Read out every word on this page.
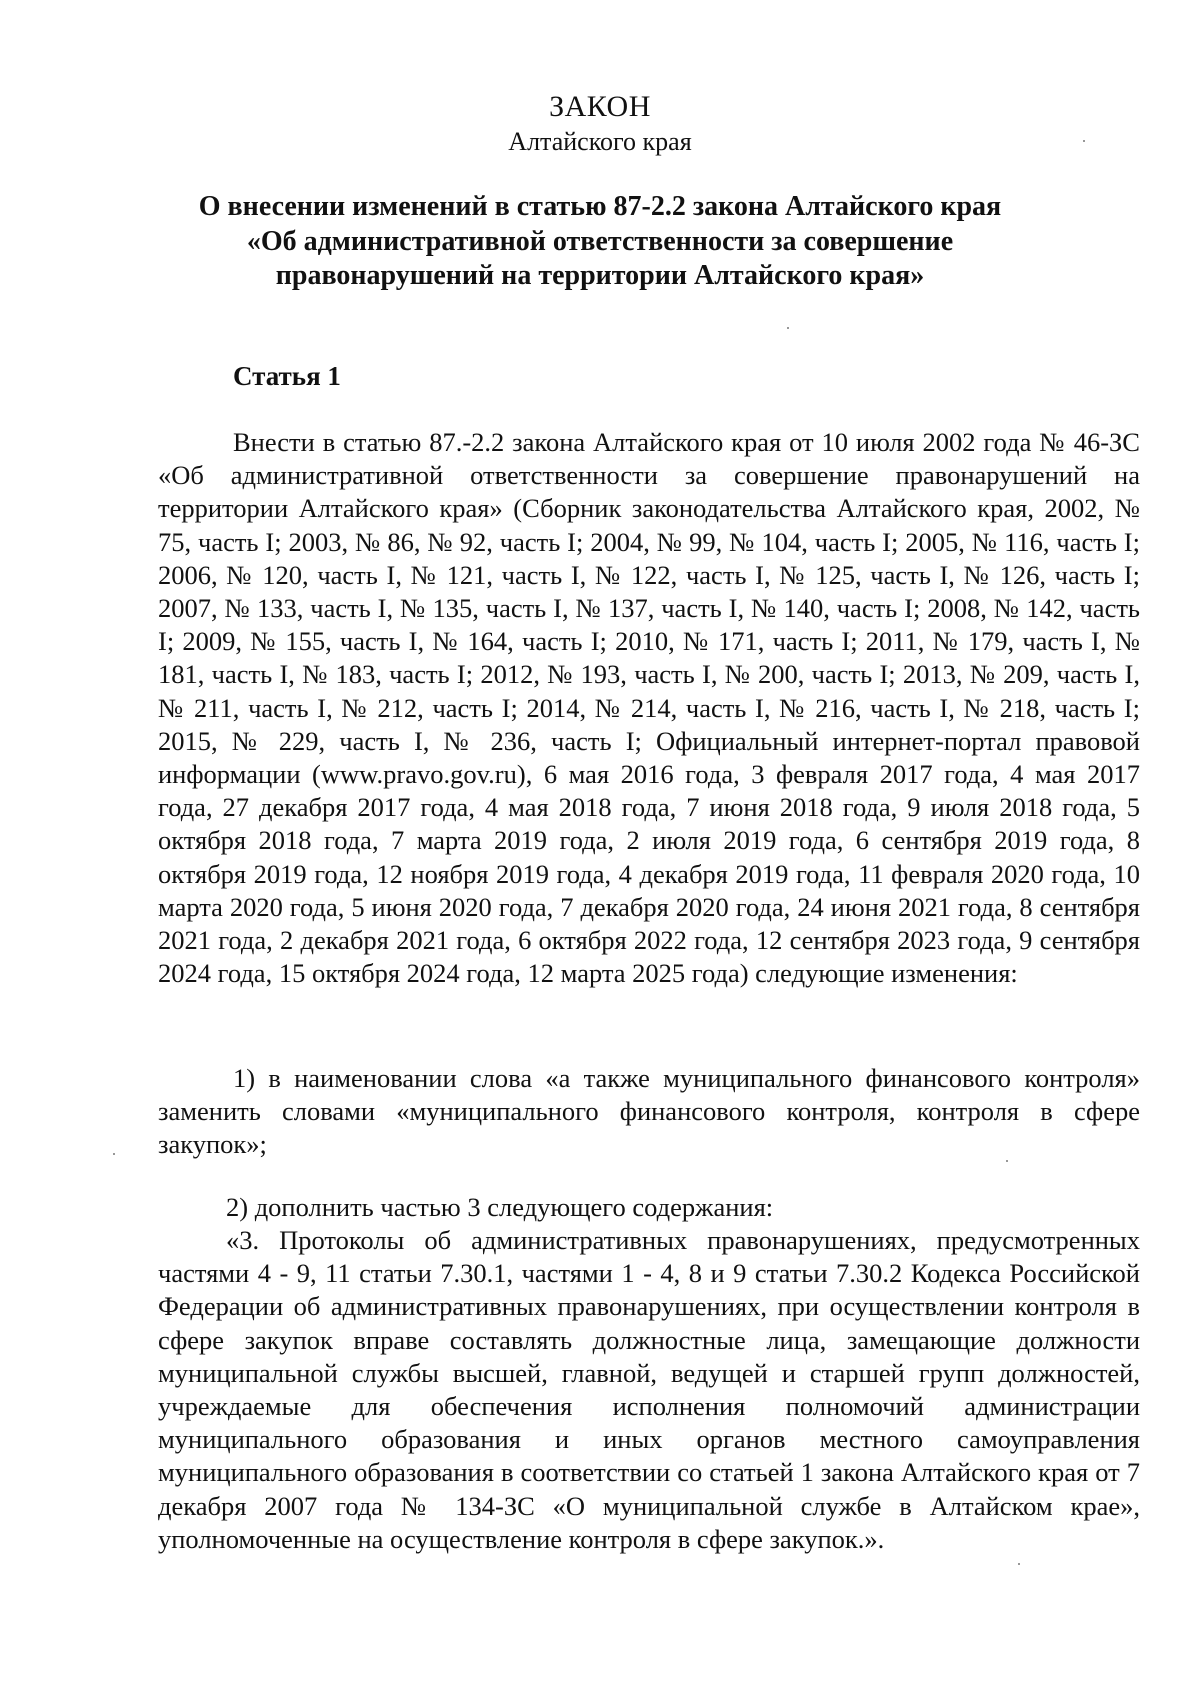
ЗАКОН
Алтайского края
О внесении изменений в статью 87-2.2 закона Алтайского края
«Об административной ответственности за совершение
правонарушений на территории Алтайского края»
Статья 1
Внести в статью 87.-2.2 закона Алтайского края от 10 июля 2002 года № 46-ЗС «Об административной ответственности за совершение правонарушений на территории Алтайского края» (Сборник законодательства Алтайского края, 2002, № 75, часть I; 2003, № 86, № 92, часть I; 2004, № 99, № 104, часть I; 2005, № 116, часть I; 2006, № 120, часть I, № 121, часть I, № 122, часть I, № 125, часть I, № 126, часть I; 2007, № 133, часть I, № 135, часть I, № 137, часть I, № 140, часть I; 2008, № 142, часть I; 2009, № 155, часть I, № 164, часть I; 2010, № 171, часть I; 2011, № 179, часть I, № 181, часть I, № 183, часть I; 2012, № 193, часть I, № 200, часть I; 2013, № 209, часть I, № 211, часть I, № 212, часть I; 2014, № 214, часть I, № 216, часть I, № 218, часть I; 2015, № 229, часть I, № 236, часть I; Официальный интернет-портал правовой информации (www.pravo.gov.ru), 6 мая 2016 года, 3 февраля 2017 года, 4 мая 2017 года, 27 декабря 2017 года, 4 мая 2018 года, 7 июня 2018 года, 9 июля 2018 года, 5 октября 2018 года, 7 марта 2019 года, 2 июля 2019 года, 6 сентября 2019 года, 8 октября 2019 года, 12 ноября 2019 года, 4 декабря 2019 года, 11 февраля 2020 года, 10 марта 2020 года, 5 июня 2020 года, 7 декабря 2020 года, 24 июня 2021 года, 8 сентября 2021 года, 2 декабря 2021 года, 6 октября 2022 года, 12 сентября 2023 года, 9 сентября 2024 года, 15 октября 2024 года, 12 марта 2025 года) следующие изменения:
1) в наименовании слова «а также муниципального финансового контроля» заменить словами «муниципального финансового контроля, контроля в сфере закупок»;
2) дополнить частью 3 следующего содержания:
«3. Протоколы об административных правонарушениях, предусмотренных частями 4 - 9, 11 статьи 7.30.1, частями 1 - 4, 8 и 9 статьи 7.30.2 Кодекса Российской Федерации об административных правонарушениях, при осуществлении контроля в сфере закупок вправе составлять должностные лица, замещающие должности муниципальной службы высшей, главной, ведущей и старшей групп должностей, учреждаемые для обеспечения исполнения полномочий администрации муниципального образования и иных органов местного самоуправления муниципального образования в соответствии со статьей 1 закона Алтайского края от 7 декабря 2007 года № 134-ЗС «О муниципальной службе в Алтайском крае», уполномоченные на осуществление контроля в сфере закупок.».
